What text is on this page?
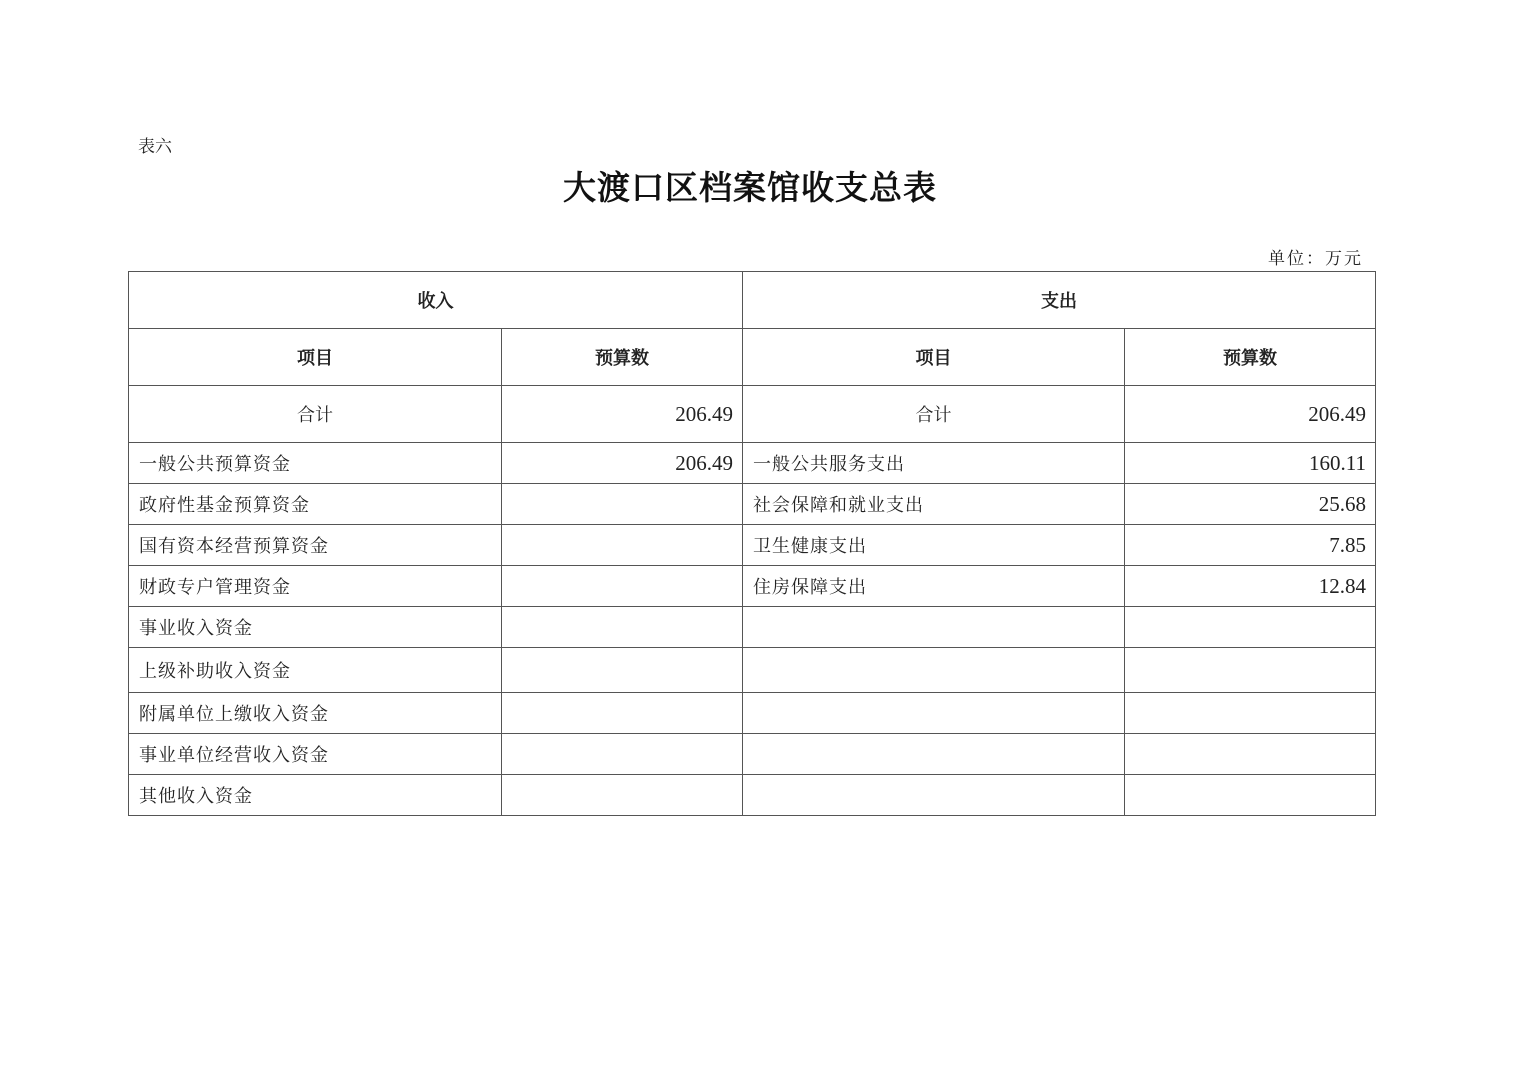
表六
大渡口区档案馆收支总表
单位：万元
收入		支出	
项目	预算数	项目	预算数
合计	206.49	合计	206.49
一般公共预算资金	206.49	一般公共服务支出	160.11
政府性基金预算资金		社会保障和就业支出	25.68
国有资本经营预算资金		卫生健康支出	7.85
财政专户管理资金		住房保障支出	12.84
事业收入资金			
上级补助收入资金			
附属单位上缴收入资金			
事业单位经营收入资金			
其他收入资金			
